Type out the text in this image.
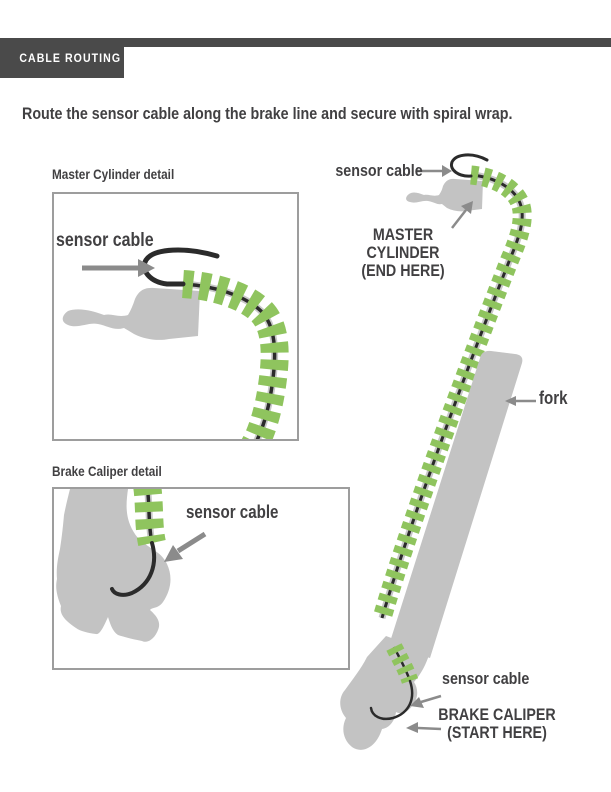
CABLE ROUTING
Route the sensor cable along the brake line and secure with spiral wrap.
Master Cylinder detail
Brake Caliper detail
sensor cable
sensor cable
sensor cable
MASTER CYLINDER
(END HERE)
fork
sensor cable
BRAKE CALIPER
(START HERE)
